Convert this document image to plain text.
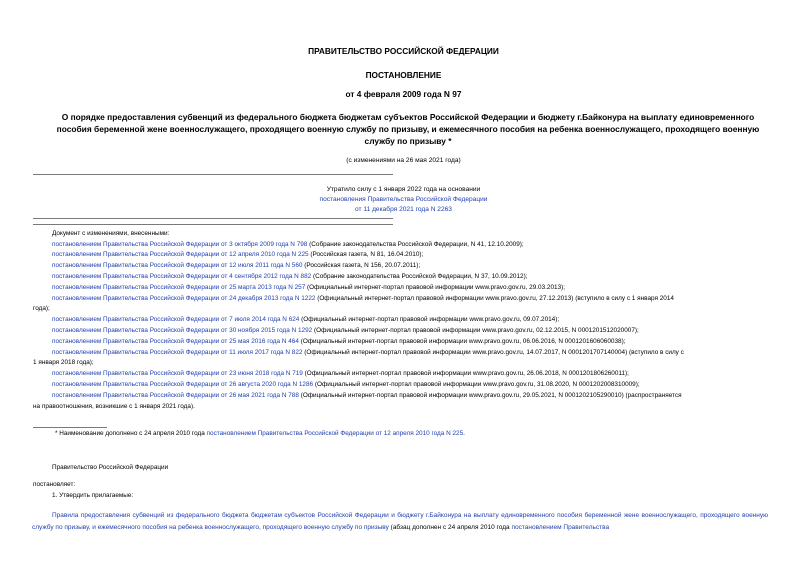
ПРАВИТЕЛЬСТВО РОССИЙСКОЙ ФЕДЕРАЦИИ
ПОСТАНОВЛЕНИЕ
от 4 февраля 2009 года N 97
О порядке предоставления субвенций из федерального бюджета бюджетам субъектов Российской Федерации и бюджету г.Байконура на выплату единовременного пособия беременной жене военнослужащего, проходящего военную службу по призыву, и ежемесячного пособия на ребенка военнослужащего, проходящего военную службу по призыву *
(с изменениями на 26 мая 2021 года)
Утратило силу с 1 января 2022 года на основании
постановления Правительства Российской Федерации
от 11 декабря 2021 года N 2263
Документ с изменениями, внесенными:
постановлением Правительства Российской Федерации от 3 октября 2009 года N 798 (Собрание законодательства Российской Федерации, N 41, 12.10.2009);
постановлением Правительства Российской Федерации от 12 апреля 2010 года N 225 (Российская газета, N 81, 16.04.2010);
постановлением Правительства Российской Федерации от 12 июля 2011 года N 560 (Российская газета, N 156, 20.07.2011);
постановлением Правительства Российской Федерации от 4 сентября 2012 года N 882 (Собрание законодательства Российской Федерации, N 37, 10.09.2012);
постановлением Правительства Российской Федерации от 25 марта 2013 года N 257 (Официальный интернет-портал правовой информации www.pravo.gov.ru, 29.03.2013);
постановлением Правительства Российской Федерации от 24 декабря 2013 года N 1222 (Официальный интернет-портал правовой информации www.pravo.gov.ru, 27.12.2013) (вступило в силу с 1 января 2014
года);
постановлением Правительства Российской Федерации от 7 июля 2014 года N 624 (Официальный интернет-портал правовой информации www.pravo.gov.ru, 09.07.2014);
постановлением Правительства Российской Федерации от 30 ноября 2015 года N 1292 (Официальный интернет-портал правовой информации www.pravo.gov.ru, 02.12.2015, N 0001201512020007);
постановлением Правительства Российской Федерации от 25 мая 2016 года N 464 (Официальный интернет-портал правовой информации www.pravo.gov.ru, 06.06.2016, N 0001201606060038);
постановлением Правительства Российской Федерации от 11 июля 2017 года N 822 (Официальный интернет-портал правовой информации www.pravo.gov.ru, 14.07.2017, N 0001201707140004) (вступило в силу с
1 января 2018 года);
постановлением Правительства Российской Федерации от 23 июня 2018 года N 719 (Официальный интернет-портал правовой информации www.pravo.gov.ru, 26.06.2018, N 0001201806260011);
постановлением Правительства Российской Федерации от 26 августа 2020 года N 1286 (Официальный интернет-портал правовой информации www.pravo.gov.ru, 31.08.2020, N 0001202008310009);
постановлением Правительства Российской Федерации от 26 мая 2021 года N 788 (Официальный интернет-портал правовой информации www.pravo.gov.ru, 29.05.2021, N 0001202105290010) (распространяется
на правоотношения, возникшие с 1 января 2021 года).
* Наименование дополнено с 24 апреля 2010 года постановлением Правительства Российской Федерации от 12 апреля 2010 года N 225.
Правительство Российской Федерации
постановляет:
1. Утвердить прилагаемые:
Правила предоставления субвенций из федерального бюджета бюджетам субъектов Российской Федерации и бюджету г.Байконура на выплату единовременного пособия беременной жене военнослужащего, проходящего военную службу по призыву, и ежемесячного пособия на ребенка военнослужащего, проходящего военную службу по призыву (абзац дополнен с 24 апреля 2010 года постановлением Правительства
